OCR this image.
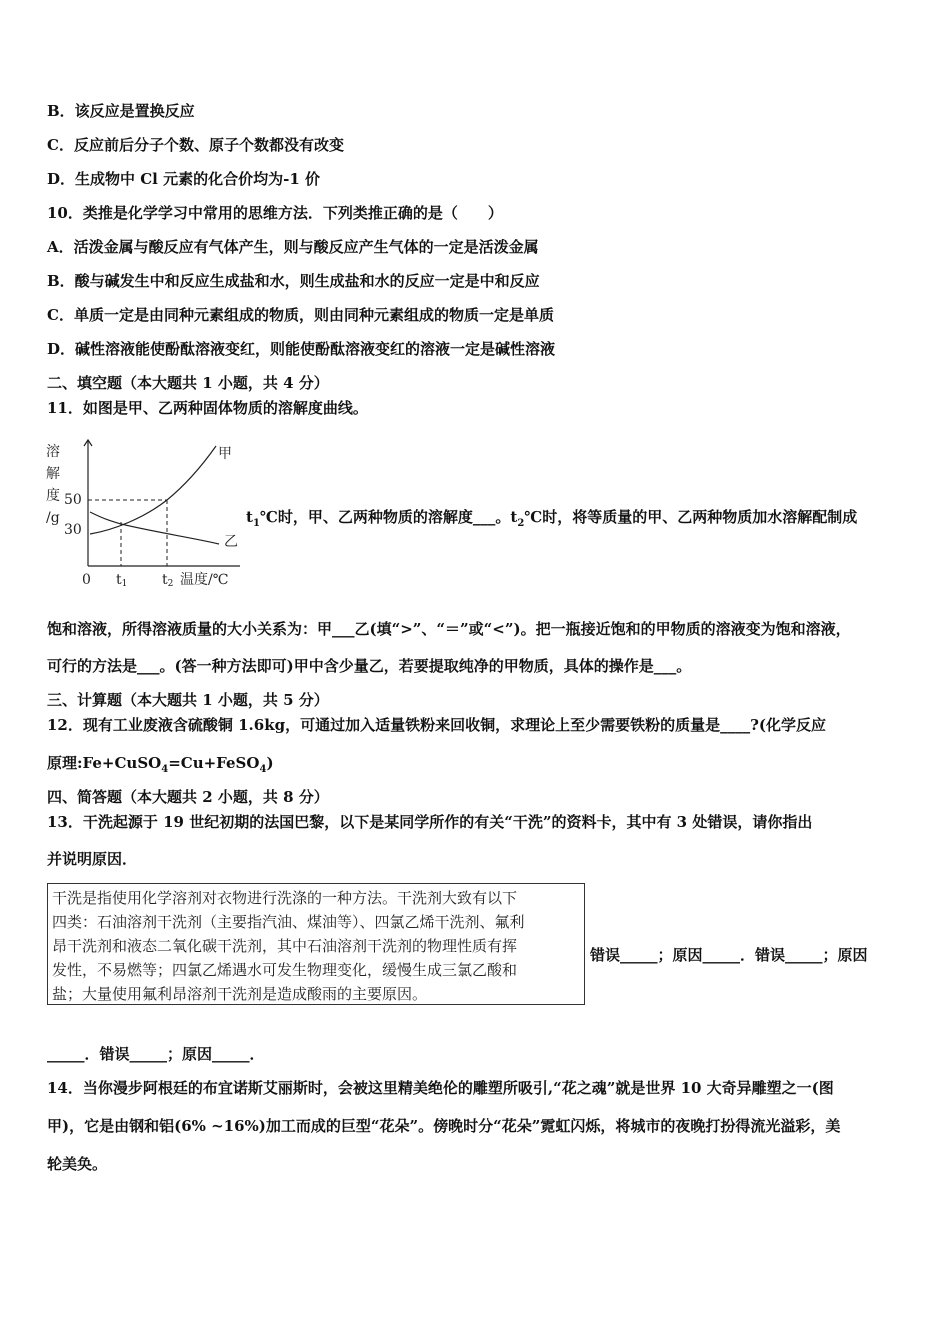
B．该反应是置换反应
C．反应前后分子个数、原子个数都没有改变
D．生成物中 Cl 元素的化合价均为-1 价
10．类推是化学学习中常用的思维方法．下列类推正确的是（　　）
A．活泼金属与酸反应有气体产生，则与酸反应产生气体的一定是活泼金属
B．酸与碱发生中和反应生成盐和水，则生成盐和水的反应一定是中和反应
C．单质一定是由同种元素组成的物质，则由同种元素组成的物质一定是单质
D．碱性溶液能使酚酞溶液变红，则能使酚酞溶液变红的溶液一定是碱性溶液
二、填空题（本大题共 1 小题，共 4 分）
11．如图是甲、乙两种固体物质的溶解度曲线。
溶
解
度
/g
50
30
甲
乙
0 t1 t2 温度/℃
$t_1℃$时，甲、乙两种物质的溶解度___。$t_2℃$时，将等质量的甲、乙两种物质加水溶解配制成
饱和溶液，所得溶液质量的大小关系为：甲___乙(填“>”、“＝”或“<”)。把一瓶接近饱和的甲物质的溶液变为饱和溶液，
可行的方法是___。(答一种方法即可)甲中含少量乙，若要提取纯净的甲物质，具体的操作是___。
三、计算题（本大题共 1 小题，共 5 分）
12．现有工业废液含硫酸铜 1.6kg，可通过加入适量铁粉来回收铜，求理论上至少需要铁粉的质量是____?(化学反应
原理:Fe+CuSO$_4$=Cu+FeSO$_4$)
四、简答题（本大题共 2 小题，共 8 分）
13．干洗起源于 19 世纪初期的法国巴黎，以下是某同学所作的有关“干洗”的资料卡，其中有 3 处错误，请你指出
并说明原因．
干洗是指使用化学溶剂对衣物进行洗涤的一种方法。干洗剂大致有以下
四类：石油溶剂干洗剂（主要指汽油、煤油等）、四氯乙烯干洗剂、氟利
昂干洗剂和液态二氧化碳干洗剂，其中石油溶剂干洗剂的物理性质有挥
发性，不易燃等；四氯乙烯遇水可发生物理变化，缓慢生成三氯乙酸和
盐；大量使用氟利昂溶剂干洗剂是造成酸雨的主要原因。
错误_____；原因_____．错误_____；原因
_____．错误_____；原因_____．
14．当你漫步阿根廷的布宜诺斯艾丽斯时，会被这里精美绝伦的雕塑所吸引,“花之魂”就是世界 10 大奇异雕塑之一(图
甲)，它是由钢和铝(6% ~16%)加工而成的巨型“花朵”。傍晚时分“花朵”霓虹闪烁，将城市的夜晚打扮得流光溢彩，美
轮美奂。
